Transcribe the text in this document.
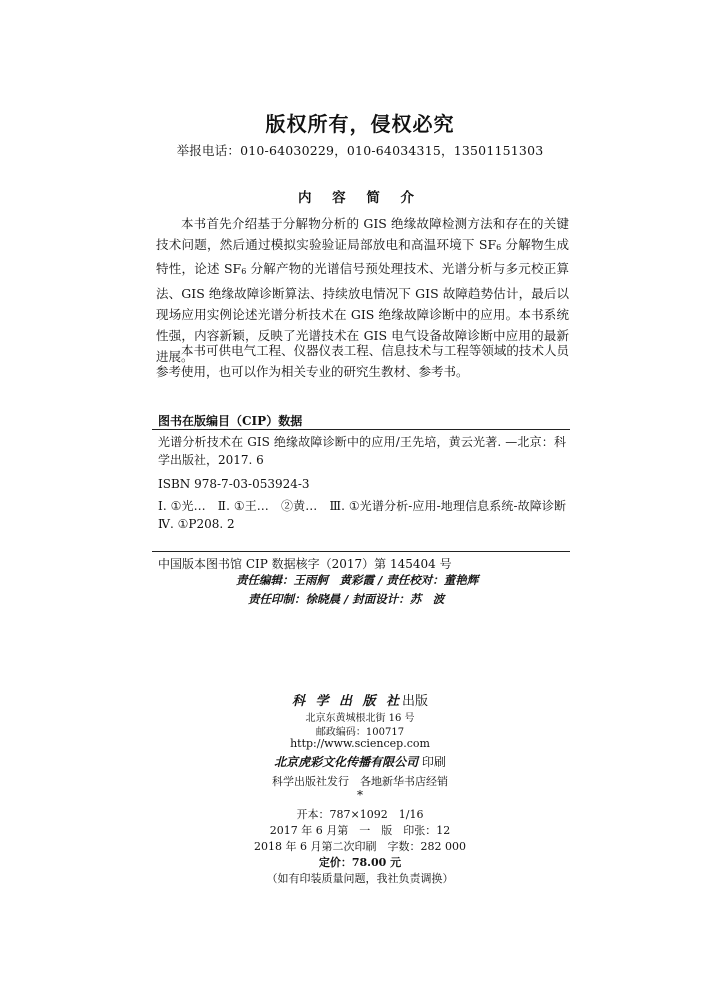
版权所有，侵权必究
举报电话：010-64030229，010-64034315，13501151303
内 容 简 介

本书首先介绍基于分解物分析的 GIS 绝缘故障检测方法和存在的关键技术问题，然后通过模拟实验验证局部放电和高温环境下 $SF_6$ 分解物生成特性，论述 $SF_6$ 分解产物的光谱信号预处理技术、光谱分析与多元校正算法、GIS 绝缘故障诊断算法、持续放电情况下 GIS 故障趋势估计，最后以现场应用实例论述光谱分析技术在 GIS 绝缘故障诊断中的应用。本书系统性强，内容新颖，反映了光谱技术在 GIS 电气设备故障诊断中应用的最新进展。

本书可供电气工程、仪器仪表工程、信息技术与工程等领域的技术人员参考使用，也可以作为相关专业的研究生教材、参考书。

图书在版编目（CIP）数据

光谱分析技术在 GIS 绝缘故障诊断中的应用/王先培，黄云光著. —北京：科学出版社，2017. 6

ISBN 978-7-03-053924-3

Ⅰ. ①光…　Ⅱ. ①王…　②黄…　Ⅲ. ①光谱分析-应用-地理信息系统-故障诊断　Ⅳ. ①P208. 2

中国版本图书馆 CIP 数据核字（2017）第 145404 号

责任编辑：王雨舸　黄彩霞 / 责任校对：董艳辉
责任印制：徐晓晨 / 封面设计：苏　波
科 学 出 版 社出版
北京东黄城根北街 16 号
邮政编码：100717
http://www.sciencep.com
北京虎彩文化传播有限公司 印刷
科学出版社发行　各地新华书店经销
*
开本：787×1092　1/16
2017 年 6 月第　一　版　印张：12
2018 年 6 月第二次印刷　字数：282 000
定价：78.00 元
（如有印装质量问题，我社负责调换）
